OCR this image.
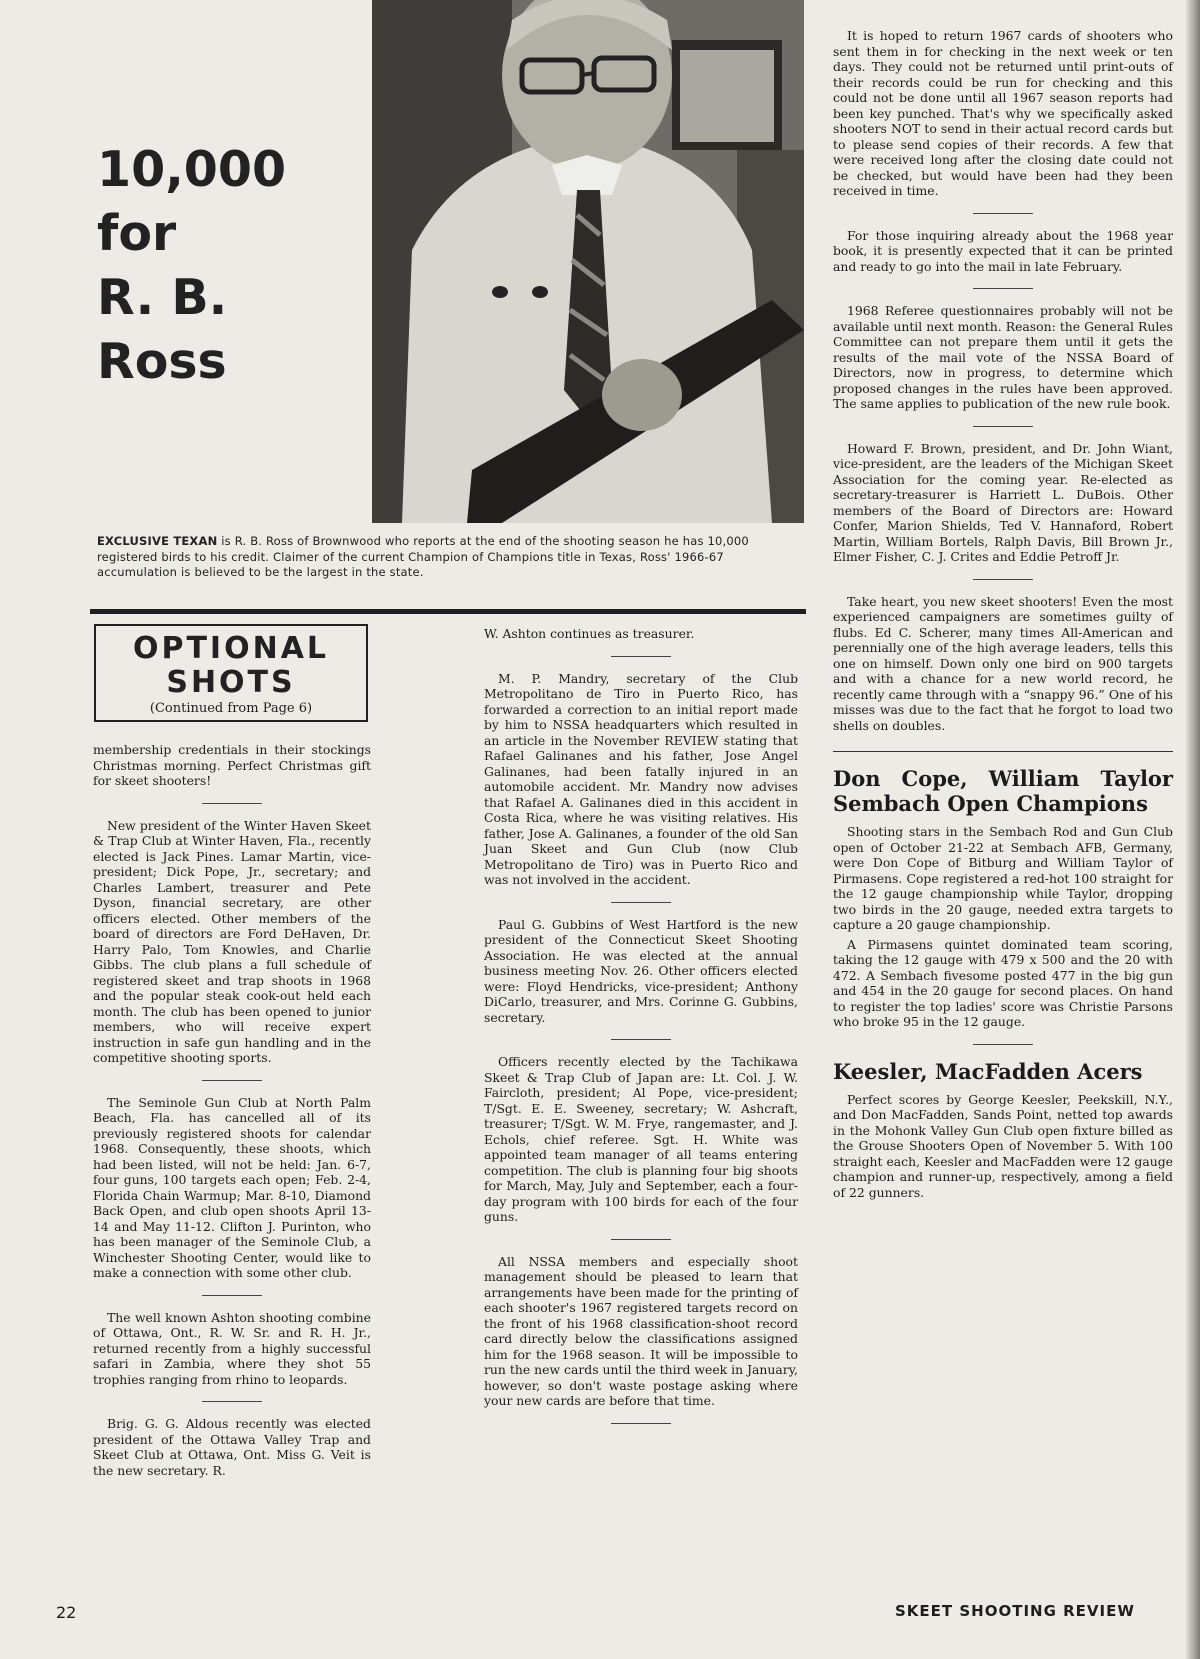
10,000
for
R. B. Ross
EXCLUSIVE TEXAN is R. B. Ross of Brownwood who reports at the end of the shooting season he has 10,000 registered birds to his credit. Claimer of the current Champion of Champions title in Texas, Ross' 1966-67 accumulation is believed to be the largest in the state.
OPTIONAL
SHOTS
(Continued from Page 6)

membership credentials in their stockings Christmas morning. Perfect Christmas gift for skeet shooters!

New president of the Winter Haven Skeet & Trap Club at Winter Haven, Fla., recently elected is Jack Pines. Lamar Martin, vice-president; Dick Pope, Jr., secretary; and Charles Lambert, treasurer and Pete Dyson, financial secretary, are other officers elected. Other members of the board of directors are Ford DeHaven, Dr. Harry Palo, Tom Knowles, and Charlie Gibbs. The club plans a full schedule of registered skeet and trap shoots in 1968 and the popular steak cook-out held each month. The club has been opened to junior members, who will receive expert instruction in safe gun handling and in the competitive shooting sports.

The Seminole Gun Club at North Palm Beach, Fla. has cancelled all of its previously registered shoots for calendar 1968. Consequently, these shoots, which had been listed, will not be held: Jan. 6-7, four guns, 100 targets each open; Feb. 2-4, Florida Chain Warmup; Mar. 8-10, Diamond Back Open, and club open shoots April 13-14 and May 11-12. Clifton J. Purinton, who has been manager of the Seminole Club, a Winchester Shooting Center, would like to make a connection with some other club.

The well known Ashton shooting combine of Ottawa, Ont., R. W. Sr. and R. H. Jr., returned recently from a highly successful safari in Zambia, where they shot 55 trophies ranging from rhino to leopards.

Brig. G. G. Aldous recently was elected president of the Ottawa Valley Trap and Skeet Club at Ottawa, Ont. Miss G. Veit is the new secretary. R.

W. Ashton continues as treasurer.

M. P. Mandry, secretary of the Club Metropolitano de Tiro in Puerto Rico, has forwarded a correction to an initial report made by him to NSSA headquarters which resulted in an article in the November REVIEW stating that Rafael Galinanes and his father, Jose Angel Galinanes, had been fatally injured in an automobile accident. Mr. Mandry now advises that Rafael A. Galinanes died in this accident in Costa Rica, where he was visiting relatives. His father, Jose A. Galinanes, a founder of the old San Juan Skeet and Gun Club (now Club Metropolitano de Tiro) was in Puerto Rico and was not involved in the accident.

Paul G. Gubbins of West Hartford is the new president of the Connecticut Skeet Shooting Association. He was elected at the annual business meeting Nov. 26. Other officers elected were: Floyd Hendricks, vice-president; Anthony DiCarlo, treasurer, and Mrs. Corinne G. Gubbins, secretary.

Officers recently elected by the Tachikawa Skeet & Trap Club of Japan are: Lt. Col. J. W. Faircloth, president; Al Pope, vice-president; T/Sgt. E. E. Sweeney, secretary; W. Ashcraft, treasurer; T/Sgt. W. M. Frye, rangemaster, and J. Echols, chief referee. Sgt. H. White was appointed team manager of all teams entering competition. The club is planning four big shoots for March, May, July and September, each a four-day program with 100 birds for each of the four guns.

All NSSA members and especially shoot management should be pleased to learn that arrangements have been made for the printing of each shooter's 1967 registered targets record on the front of his 1968 classification-shoot record card directly below the classifications assigned him for the 1968 season. It will be impossible to run the new cards until the third week in January, however, so don't waste postage asking where your new cards are before that time.

It is hoped to return 1967 cards of shooters who sent them in for checking in the next week or ten days. They could not be returned until print-outs of their records could be run for checking and this could not be done until all 1967 season reports had been key punched. That's why we specifically asked shooters NOT to send in their actual record cards but to please send copies of their records. A few that were received long after the closing date could not be checked, but would have been had they been received in time.

For those inquiring already about the 1968 year book, it is presently expected that it can be printed and ready to go into the mail in late February.

1968 Referee questionnaires probably will not be available until next month. Reason: the General Rules Committee can not prepare them until it gets the results of the mail vote of the NSSA Board of Directors, now in progress, to determine which proposed changes in the rules have been approved. The same applies to publication of the new rule book.

Howard F. Brown, president, and Dr. John Wiant, vice-president, are the leaders of the Michigan Skeet Association for the coming year. Re-elected as secretary-treasurer is Harriett L. DuBois. Other members of the Board of Directors are: Howard Confer, Marion Shields, Ted V. Hannaford, Robert Martin, William Bortels, Ralph Davis, Bill Brown Jr., Elmer Fisher, C. J. Crites and Eddie Petroff Jr.

Take heart, you new skeet shooters! Even the most experienced campaigners are sometimes guilty of flubs. Ed C. Scherer, many times All-American and perennially one of the high average leaders, tells this one on himself. Down only one bird on 900 targets and with a chance for a new world record, he recently came through with a “snappy 96.” One of his misses was due to the fact that he forgot to load two shells on doubles.

Don Cope, William Taylor Sembach Open Champions

Shooting stars in the Sembach Rod and Gun Club open of October 21-22 at Sembach AFB, Germany, were Don Cope of Bitburg and William Taylor of Pirmasens. Cope registered a red-hot 100 straight for the 12 gauge championship while Taylor, dropping two birds in the 20 gauge, needed extra targets to capture a 20 gauge championship.

A Pirmasens quintet dominated team scoring, taking the 12 gauge with 479 x 500 and the 20 with 472. A Sembach fivesome posted 477 in the big gun and 454 in the 20 gauge for second places. On hand to register the top ladies' score was Christie Parsons who broke 95 in the 12 gauge.

Keesler, MacFadden Acers

Perfect scores by George Keesler, Peekskill, N.Y., and Don MacFadden, Sands Point, netted top awards in the Mohonk Valley Gun Club open fixture billed as the Grouse Shooters Open of November 5. With 100 straight each, Keesler and MacFadden were 12 gauge champion and runner-up, respectively, among a field of 22 gunners.

22	SKEET SHOOTING REVIEW
